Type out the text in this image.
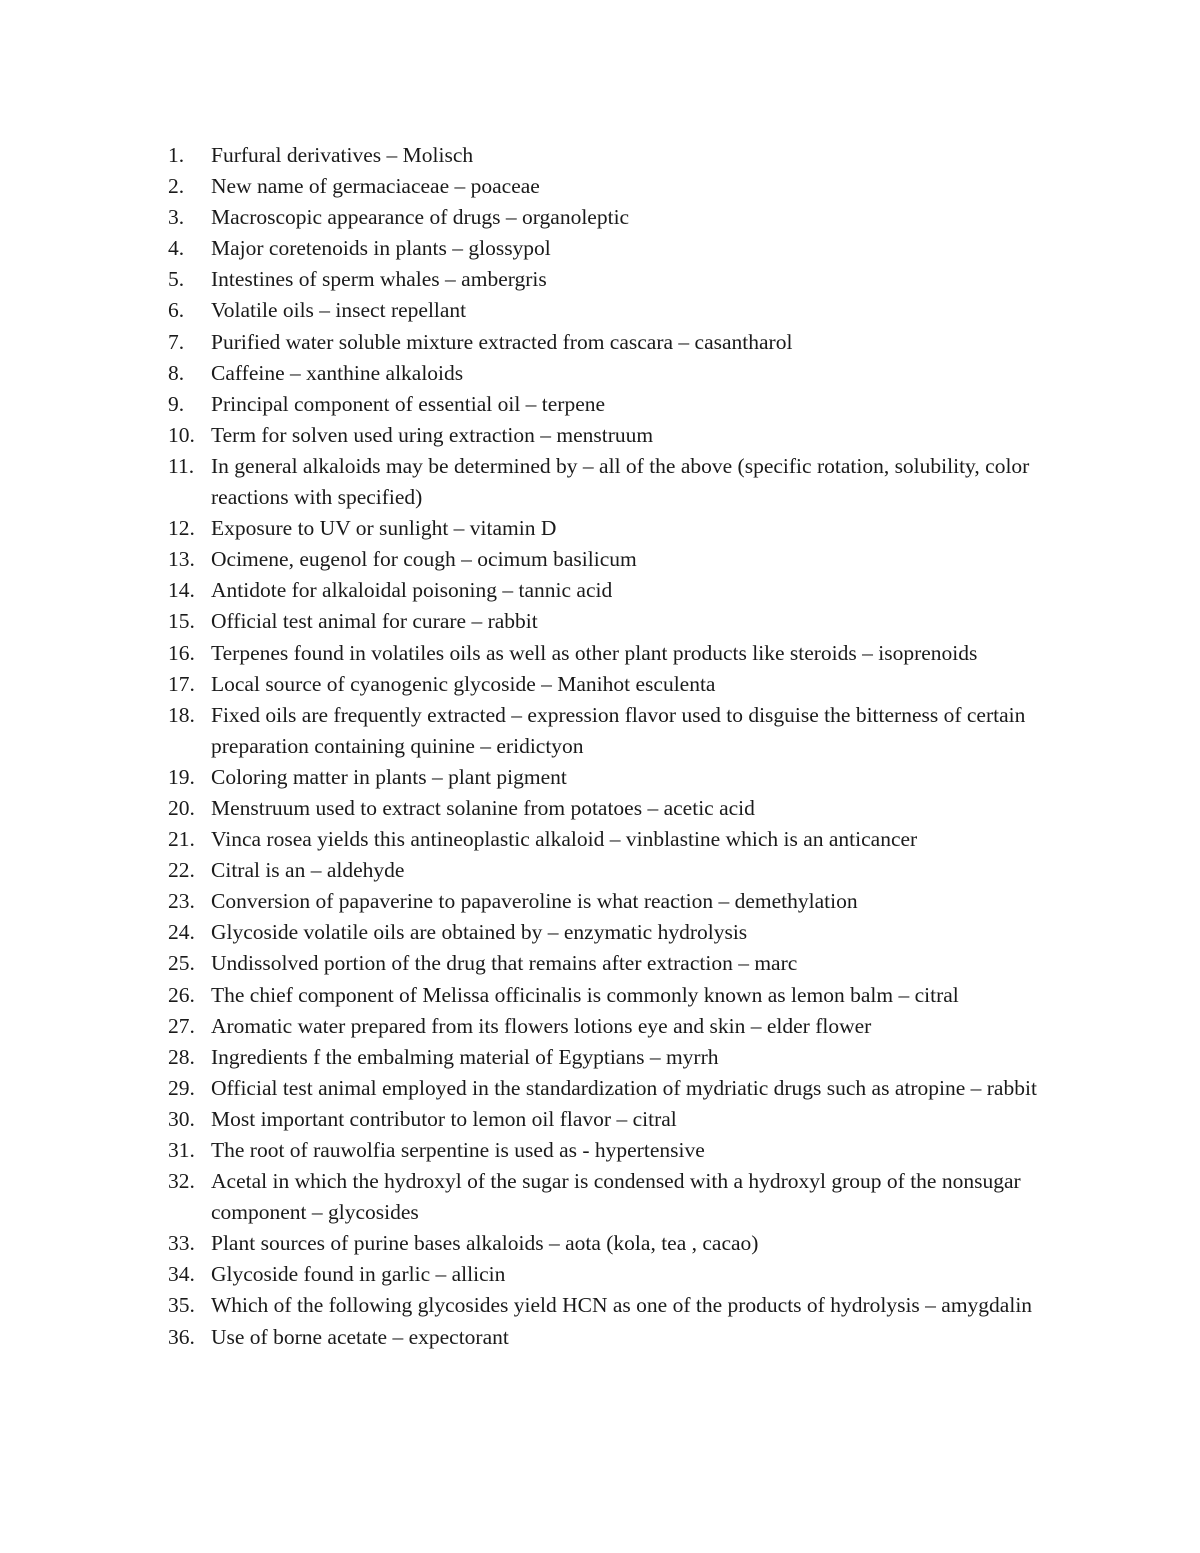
1.	Furfural derivatives – Molisch
2.	New name of germaciaceae – poaceae
3.	Macroscopic appearance of drugs – organoleptic
4.	Major coretenoids in plants – glossypol
5.	Intestines of sperm whales – ambergris
6.	Volatile oils – insect repellant
7.	Purified water soluble mixture extracted from cascara – casantharol
8.	Caffeine – xanthine alkaloids
9.	Principal component of essential oil – terpene
10. Term for solven used uring extraction – menstruum
11. In general alkaloids may be determined by – all of the above (specific rotation, solubility, color reactions with specified)
12. Exposure to UV or sunlight – vitamin D
13. Ocimene, eugenol for cough – ocimum basilicum
14. Antidote for alkaloidal poisoning – tannic acid
15. Official test animal for curare – rabbit
16. Terpenes found in volatiles oils as well as other plant products like steroids – isoprenoids
17. Local source of cyanogenic glycoside – Manihot esculenta
18. Fixed oils are frequently extracted – expression flavor used to disguise the bitterness of certain preparation containing quinine – eridictyon
19. Coloring matter in plants – plant pigment
20. Menstruum used to extract solanine from potatoes – acetic acid
21. Vinca rosea yields this antineoplastic alkaloid – vinblastine which is an anticancer
22. Citral is an – aldehyde
23. Conversion of papaverine to papaveroline is what reaction – demethylation
24. Glycoside volatile oils are obtained by – enzymatic hydrolysis
25. Undissolved portion of the drug that remains after extraction – marc
26. The chief component of Melissa officinalis is commonly known as lemon balm – citral
27. Aromatic water prepared from its flowers lotions eye and skin – elder flower
28. Ingredients f the embalming material of Egyptians – myrrh
29. Official test animal employed in the standardization of mydriatic drugs such as atropine – rabbit
30. Most important contributor to lemon oil flavor – citral
31. The root of rauwolfia serpentine is used as - hypertensive
32. Acetal in which the hydroxyl of the sugar is condensed with a hydroxyl group of the nonsugar component – glycosides
33. Plant sources of purine bases alkaloids – aota (kola, tea , cacao)
34. Glycoside found in garlic – allicin
35. Which of the following glycosides yield HCN as one of the products of hydrolysis – amygdalin
36. Use of borne acetate – expectorant
